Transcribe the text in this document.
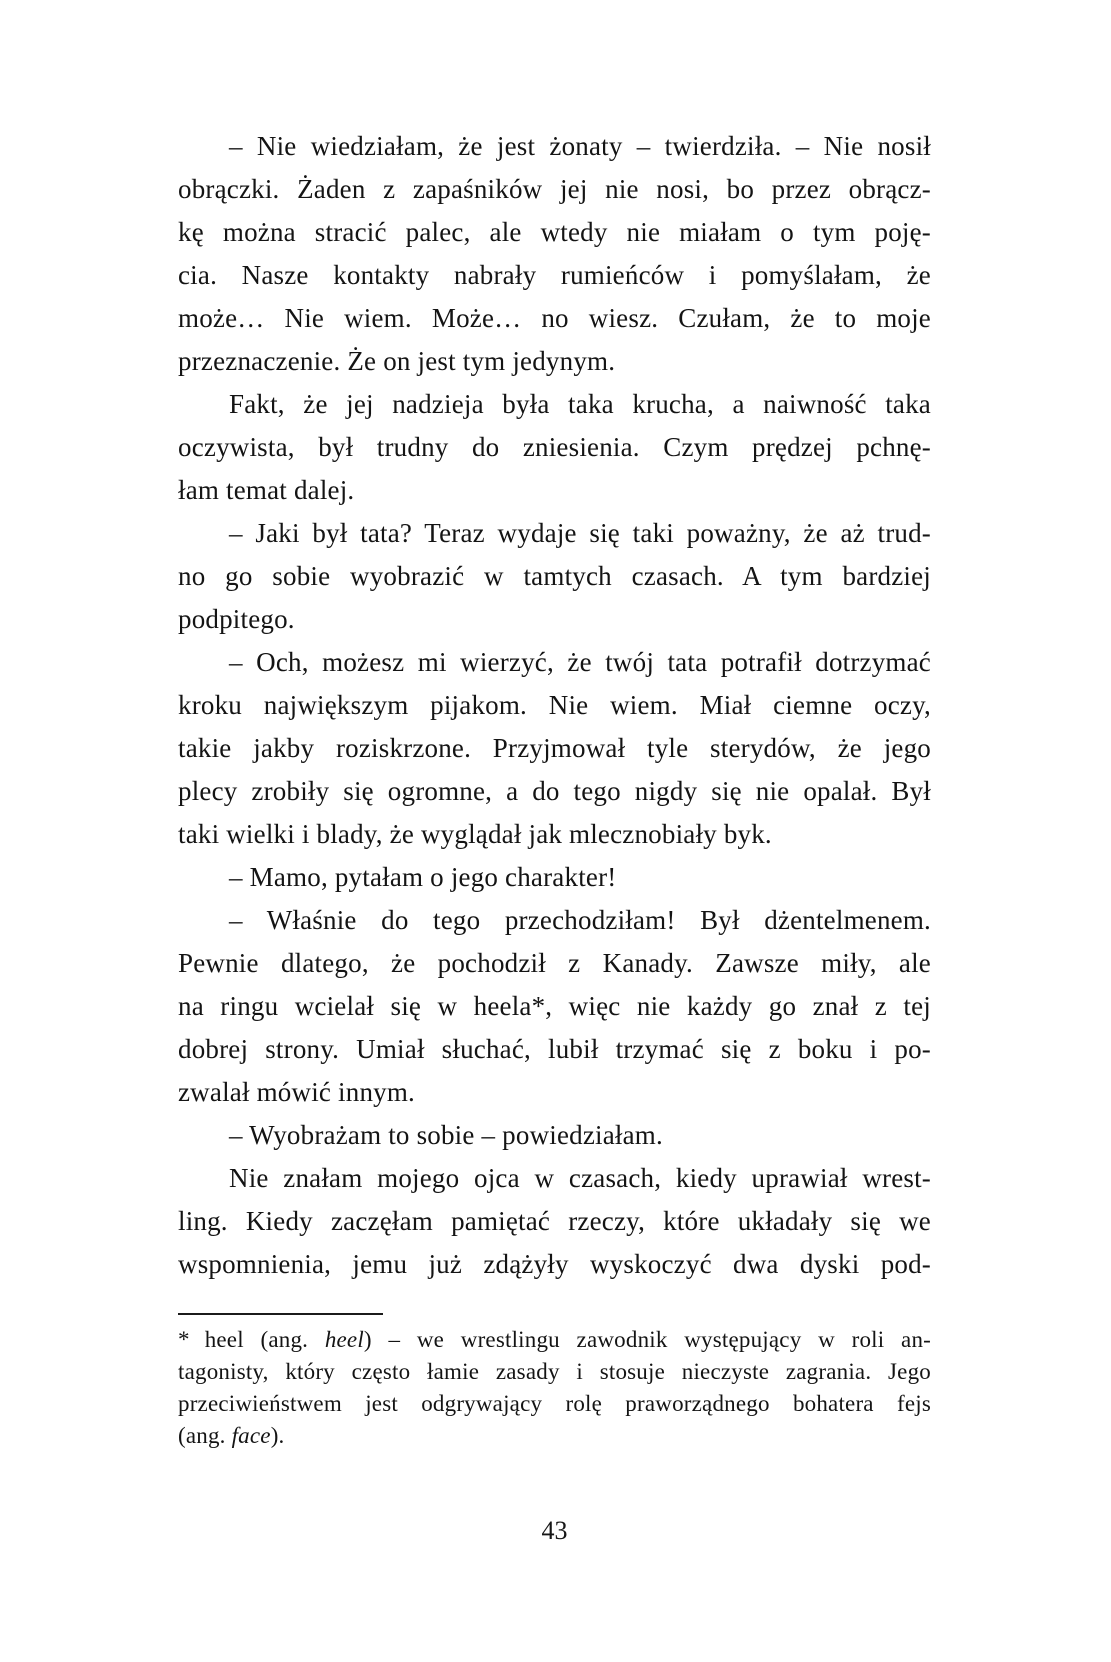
– Nie wiedziałam, że jest żonaty – twierdziła. – Nie nosił
obrączki. Żaden z zapaśników jej nie nosi, bo przez obrącz-
kę można stracić palec, ale wtedy nie miałam o tym poję-
cia. Nasze kontakty nabrały rumieńców i pomyślałam, że
może… Nie wiem. Może… no wiesz. Czułam, że to moje
przeznaczenie. Że on jest tym jedynym.
Fakt, że jej nadzieja była taka krucha, a naiwność taka
oczywista, był trudny do zniesienia. Czym prędzej pchnę-
łam temat dalej.
– Jaki był tata? Teraz wydaje się taki poważny, że aż trud-
no go sobie wyobrazić w tamtych czasach. A tym bardziej
podpitego.
– Och, możesz mi wierzyć, że twój tata potrafił dotrzymać
kroku największym pijakom. Nie wiem. Miał ciemne oczy,
takie jakby roziskrzone. Przyjmował tyle sterydów, że jego
plecy zrobiły się ogromne, a do tego nigdy się nie opalał. Był
taki wielki i blady, że wyglądał jak mlecznobiały byk.
– Mamo, pytałam o jego charakter!
– Właśnie do tego przechodziłam! Był dżentelmenem.
Pewnie dlatego, że pochodził z Kanady. Zawsze miły, ale
na ringu wcielał się w heela*, więc nie każdy go znał z tej
dobrej strony. Umiał słuchać, lubił trzymać się z boku i po-
zwalał mówić innym.
– Wyobrażam to sobie – powiedziałam.
Nie znałam mojego ojca w czasach, kiedy uprawiał wrest-
ling. Kiedy zaczęłam pamiętać rzeczy, które układały się we
wspomnienia, jemu już zdążyły wyskoczyć dwa dyski pod-
* heel (ang. heel) – we wrestlingu zawodnik występujący w roli an-
tagonisty, który często łamie zasady i stosuje nieczyste zagrania. Jego
przeciwieństwem jest odgrywający rolę praworządnego bohatera fejs
(ang. face).
43
